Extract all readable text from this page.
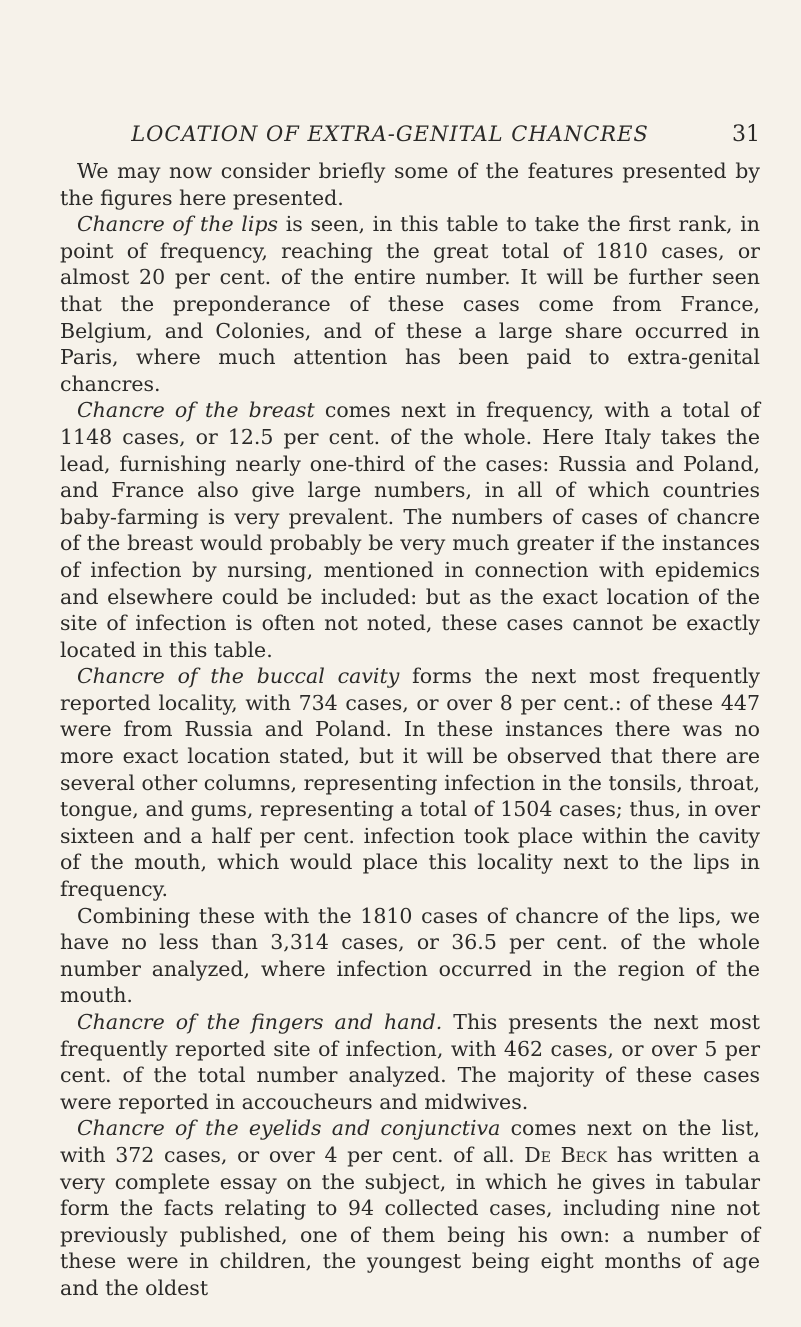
LOCATION OF EXTRA-GENITAL CHANCRES	31

We may now consider briefly some of the features presented by the figures here presented.

Chancre of the lips is seen, in this table to take the first rank, in point of frequency, reaching the great total of 1810 cases, or almost 20 per cent. of the entire number. It will be further seen that the preponderance of these cases come from France, Belgium, and Colonies, and of these a large share occurred in Paris, where much attention has been paid to extra-genital chancres.

Chancre of the breast comes next in frequency, with a total of 1148 cases, or 12.5 per cent. of the whole. Here Italy takes the lead, furnishing nearly one-third of the cases: Russia and Poland, and France also give large numbers, in all of which countries baby-farming is very prevalent. The numbers of cases of chancre of the breast would probably be very much greater if the instances of infection by nursing, mentioned in connection with epidemics and elsewhere could be included: but as the exact location of the site of infection is often not noted, these cases cannot be exactly located in this table.

Chancre of the buccal cavity forms the next most frequently reported locality, with 734 cases, or over 8 per cent.: of these 447 were from Russia and Poland. In these instances there was no more exact location stated, but it will be observed that there are several other columns, representing infection in the tonsils, throat, tongue, and gums, representing a total of 1504 cases; thus, in over sixteen and a half per cent. infection took place within the cavity of the mouth, which would place this locality next to the lips in frequency.

Combining these with the 1810 cases of chancre of the lips, we have no less than 3,314 cases, or 36.5 per cent. of the whole number analyzed, where infection occurred in the region of the mouth.

Chancre of the fingers and hand. This presents the next most frequently reported site of infection, with 462 cases, or over 5 per cent. of the total number analyzed. The majority of these cases were reported in accoucheurs and midwives.

Chancre of the eyelids and conjunctiva comes next on the list, with 372 cases, or over 4 per cent. of all. De Beck has written a very complete essay on the subject, in which he gives in tabular form the facts relating to 94 collected cases, including nine not previously published, one of them being his own: a number of these were in children, the youngest being eight months of age and the oldest
